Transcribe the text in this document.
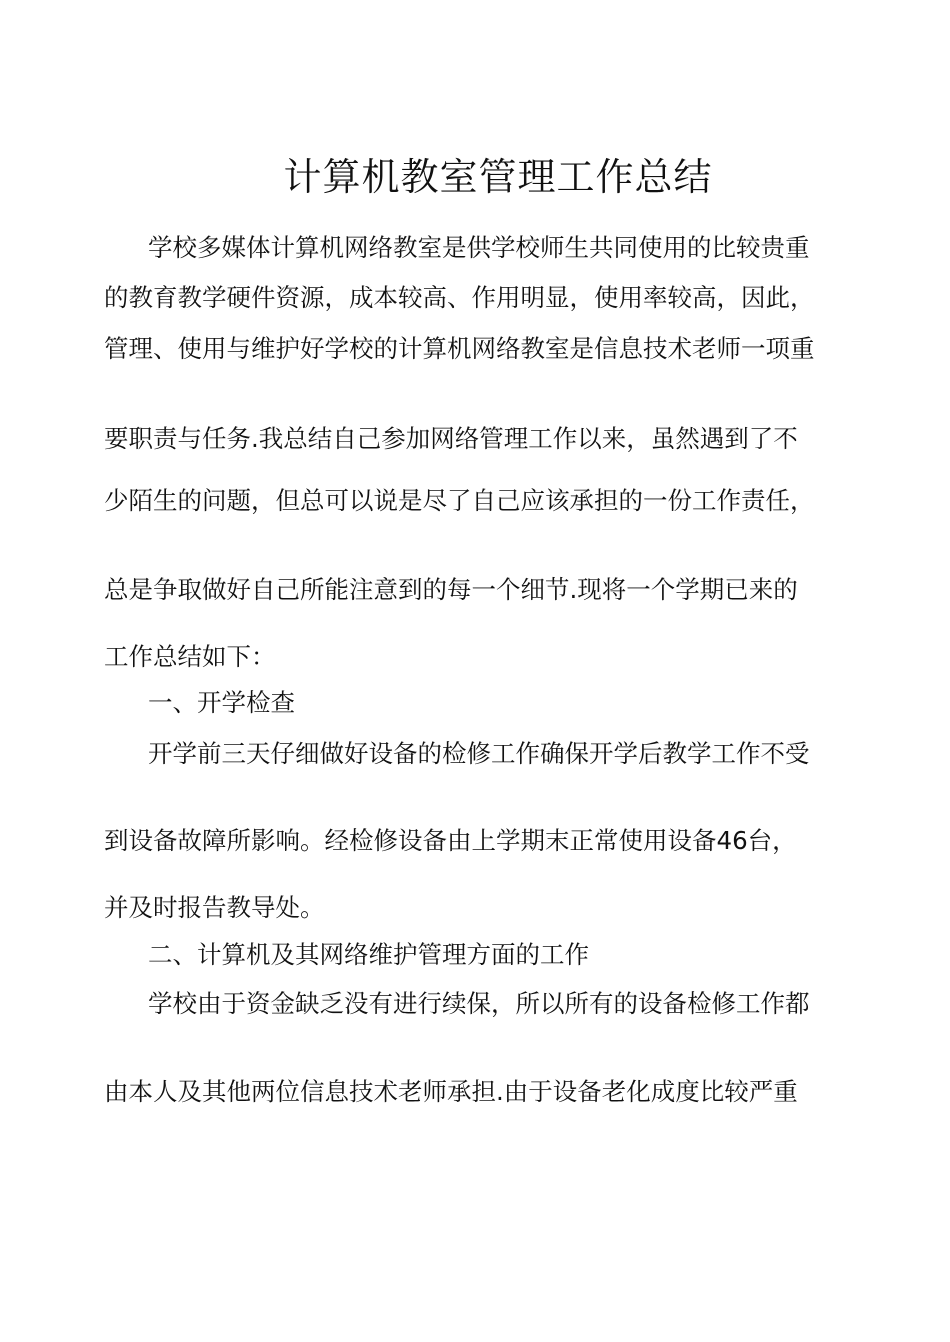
计算机教室管理工作总结

学校多媒体计算机网络教室是供学校师生共同使用的比较贵重

的教育教学硬件资源，成本较高、作用明显，使用率较高，因此，

管理、使用与维护好学校的计算机网络教室是信息技术老师一项重

要职责与任务.我总结自己参加网络管理工作以来，虽然遇到了不

少陌生的问题，但总可以说是尽了自己应该承担的一份工作责任，

总是争取做好自己所能注意到的每一个细节.现将一个学期已来的

工作总结如下：

一、开学检查

开学前三天仔细做好设备的检修工作确保开学后教学工作不受

到设备故障所影响。经检修设备由上学期末正常使用设备46台，

并及时报告教导处。

二、计算机及其网络维护管理方面的工作

学校由于资金缺乏没有进行续保，所以所有的设备检修工作都

由本人及其他两位信息技术老师承担.由于设备老化成度比较严重
